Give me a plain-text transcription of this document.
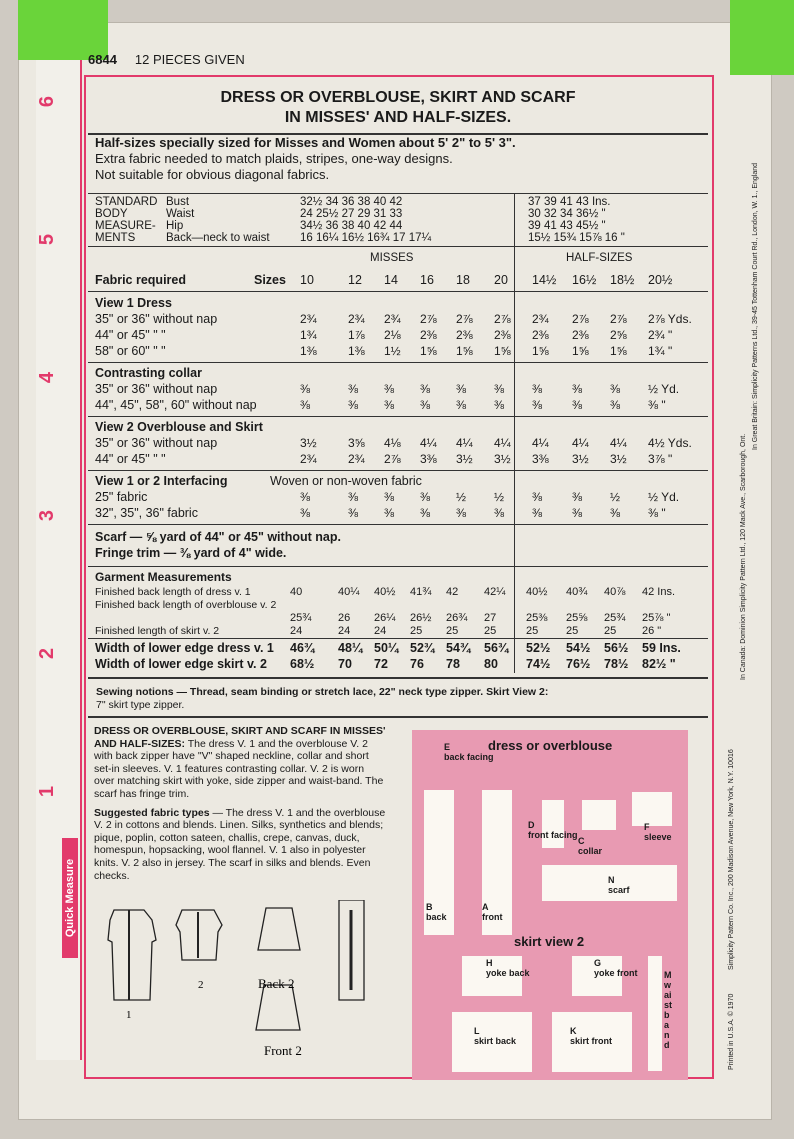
6
5
4
3
2
1
Quick Measure
6844 12 PIECES GIVEN
DRESS OR OVERBLOUSE, SKIRT AND SCARF
IN MISSES' AND HALF-SIZES.
Half-sizes specially sized for Misses and Women about 5' 2" to 5' 3".
Extra fabric needed to match plaids, stripes, one-way designs.
Not suitable for obvious diagonal fabrics.
STANDARD
BODY
MEASURE-
MENTS
Bust	32½ 34 36 38 40 42	37 39 41 43 Ins.
Waist	24 25½ 27 29 31 33	30 32 34 36½ "
Hip	34½ 36 38 40 42 44	39 41 43 45½ "
Back—neck to waist	16 16¼ 16½ 16¾ 17 17¼	15½ 15¾ 15⅞ 16 "
MISSES	HALF-SIZES
Fabric required	Sizes 10	12 14 16 18 20 14½ 16½ 18½ 20½
View 1 Dress
35" or 36" without nap	2¾	2¾ 2¾ 2⅞ 2⅞ 2⅞ 2¾ 2⅞ 2⅞ 2⅞ Yds.
44" or 45" " "	1¾	1⅞ 2⅛ 2⅜ 2⅜ 2⅜ 2⅜ 2⅜ 2⅝ 2¾ "
58" or 60" " "	1⅜	1⅜ 1½ 1⅝ 1⅝ 1⅝ 1⅝ 1⅝ 1⅝ 1¾ "
Contrasting collar
35" or 36" without nap	⅜	⅜ ⅜ ⅜ ⅜ ⅜ ⅜ ⅜ ⅜ ½ Yd.
44", 45", 58", 60" without nap	⅜	⅜ ⅜ ⅜ ⅜ ⅜ ⅜ ⅜ ⅜ ⅜ "
View 2 Overblouse and Skirt
35" or 36" without nap	3½	3⅝ 4⅛ 4¼ 4¼ 4¼ 4¼ 4¼ 4¼ 4½ Yds.
44" or 45" " "	2¾	2¾ 2⅞ 3⅜ 3½ 3½ 3⅜ 3½ 3½ 3⅞ "
View 1 or 2 Interfacing	Woven or non-woven fabric
25" fabric	⅜	⅜ ⅜ ⅜ ½ ½ ⅜ ⅜ ½ ½ Yd.
32", 35", 36" fabric	⅜	⅜ ⅜ ⅜ ⅜ ⅜ ⅜ ⅜ ⅜ ⅜ "
Scarf — ⅝ yard of 44" or 45" without nap.
Fringe trim — ⅜ yard of 4" wide.
Garment Measurements
Finished back length of dress v. 1	40	40¼ 40½ 41¾ 42 42¼ 40½ 40¾ 40⅞ 42 Ins.
Finished back length of overblouse v. 2
25¾ 26 26¼ 26½ 26¾ 27	25⅜ 25⅝ 25¾ 25⅞ "
Finished length of skirt v. 2	24	24 24 25 25 25	25	25 25 26 "
Width of lower edge dress v. 1 46¾ 48¼ 50¼ 52¾ 54¾ 56¾ 52½ 54½ 56½ 59 Ins.
Width of lower edge skirt v. 2 68½ 70 72 76 78 80 74½ 76½ 78½ 82½ "
Sewing notions — Thread, seam binding or stretch lace, 22" neck type zipper. Skirt View 2:
7" skirt type zipper.
DRESS OR OVERBLOUSE, SKIRT AND SCARF IN MISSES' AND HALF-SIZES: The dress V. 1 and the overblouse V. 2 with back zipper have "V" shaped neckline, collar and short set-in sleeves. V. 1 features contrasting collar. V. 2 is worn over matching skirt with yoke, side zipper and waist-band. The scarf has fringe trim.
Suggested fabric types — The dress V. 1 and the overblouse V. 2 in cottons and blends. Linen. Silks, synthetics and blends; pique, poplin, cotton sateen, challis, crepe, canvas, duck, homespun, hopsacking, wool flannel. V. 1 also in polyester knits. V. 2 also in jersey. The scarf in silks and blends. Even checks.
1
2	Back 2
Front 2
dress or overblouse
E
back facing
D
front facing
C
collar
F
sleeve
B
back
A
front
N
scarf
skirt view 2
H
yoke back
G
yoke front	M waistband
L
skirt back
K
skirt front	Printed in U.S.A. © 1970
Simplicity Pattern Co. Inc., 200 Madison Avenue, New York, N.Y. 10016
In Canada: Dominion Simplicity Pattern Ltd., 120 Mack Ave., Scarborough, Ont.
In Great Britain: Simplicity Patterns Ltd., 39-45 Tottenham Court Rd., London, W. 1., England
